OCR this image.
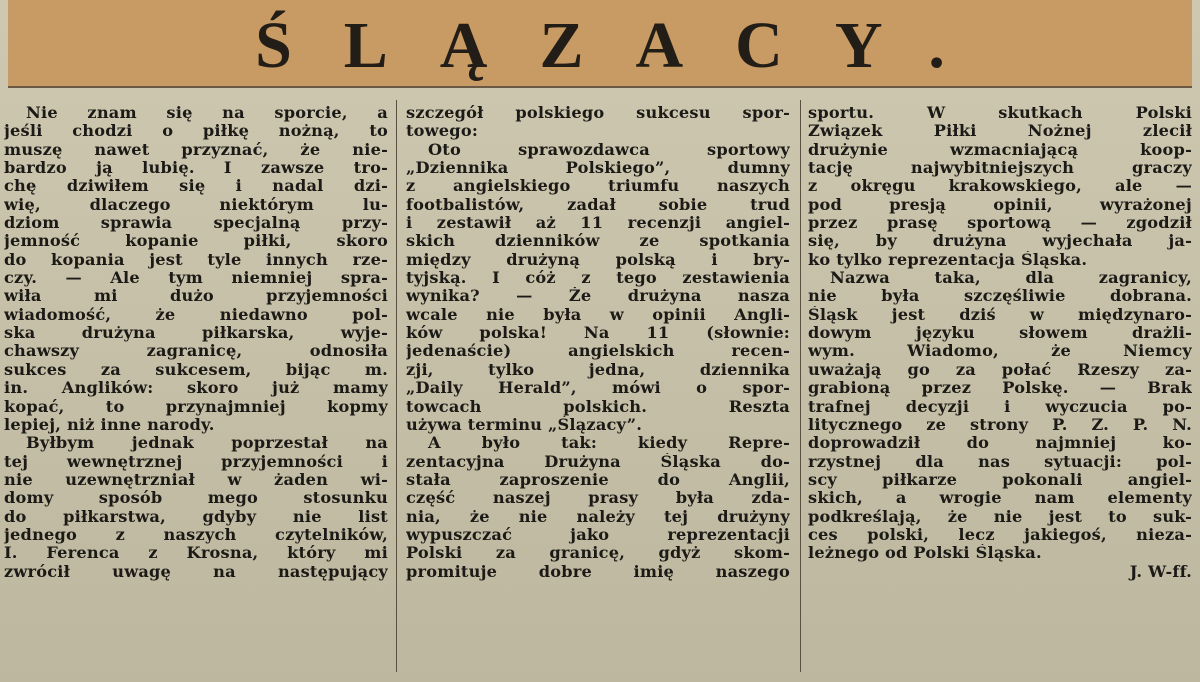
ŚLĄZACY.
Nie znam się na sporcie, a
jeśli chodzi o piłkę nożną, to
muszę nawet przyznać, że nie-
bardzo ją lubię. I zawsze tro-
chę dziwiłem się i nadal dzi-
wię, dlaczego niektórym lu-
dziom sprawia specjalną przy-
jemność kopanie piłki, skoro
do kopania jest tyle innych rze-
czy. — Ale tym niemniej spra-
wiła mi dużo przyjemności
wiadomość, że niedawno pol-
ska drużyna piłkarska, wyje-
chawszy zagranicę, odnosiła
sukces za sukcesem, bijąc m.
in. Anglików: skoro już mamy
kopać, to przynajmniej kopmy
lepiej, niż inne narody.
Byłbym jednak poprzestał na
tej wewnętrznej przyjemności i
nie uzewnętrzniał w żaden wi-
domy sposób mego stosunku
do piłkarstwa, gdyby nie list
jednego z naszych czytelników,
I. Ferenca z Krosna, który mi
zwrócił uwagę na następujący
szczegół polskiego sukcesu spor-
towego:
Oto sprawozdawca sportowy
„Dziennika Polskiego”, dumny
z angielskiego triumfu naszych
footbalistów, zadał sobie trud
i zestawił aż 11 recenzji angiel-
skich dzienników ze spotkania
między drużyną polską i bry-
tyjską. I cóż z tego zestawienia
wynika? — Że drużyna nasza
wcale nie była w opinii Angli-
ków polska! Na 11 (słownie:
jedenaście) angielskich recen-
zji, tylko jedna, dziennika
„Daily Herald”, mówi o spor-
towcach polskich. Reszta
używa terminu „Ślązacy”.
A było tak: kiedy Repre-
zentacyjna Drużyna Śląska do-
stała zaproszenie do Anglii,
część naszej prasy była zda-
nia, że nie należy tej drużyny
wypuszczać jako reprezentacji
Polski za granicę, gdyż skom-
promituje dobre imię naszego
sportu. W skutkach Polski
Związek Piłki Nożnej zlecił
drużynie wzmacniającą koop-
tację najwybitniejszych graczy
z okręgu krakowskiego, ale —
pod presją opinii, wyrażonej
przez prasę sportową — zgodził
się, by drużyna wyjechała ja-
ko tylko reprezentacja Śląska.
Nazwa taka, dla zagranicy,
nie była szczęśliwie dobrana.
Śląsk jest dziś w międzynaro-
dowym języku słowem drażli-
wym. Wiadomo, że Niemcy
uważają go za połać Rzeszy za-
grabioną przez Polskę. — Brak
trafnej decyzji i wyczucia po-
litycznego ze strony P. Z. P. N.
doprowadził do najmniej ko-
rzystnej dla nas sytuacji: pol-
scy piłkarze pokonali angiel-
skich, a wrogie nam elementy
podkreślają, że nie jest to suk-
ces polski, lecz jakiegoś, nieza-
leżnego od Polski Śląska.
J. W-ff.
